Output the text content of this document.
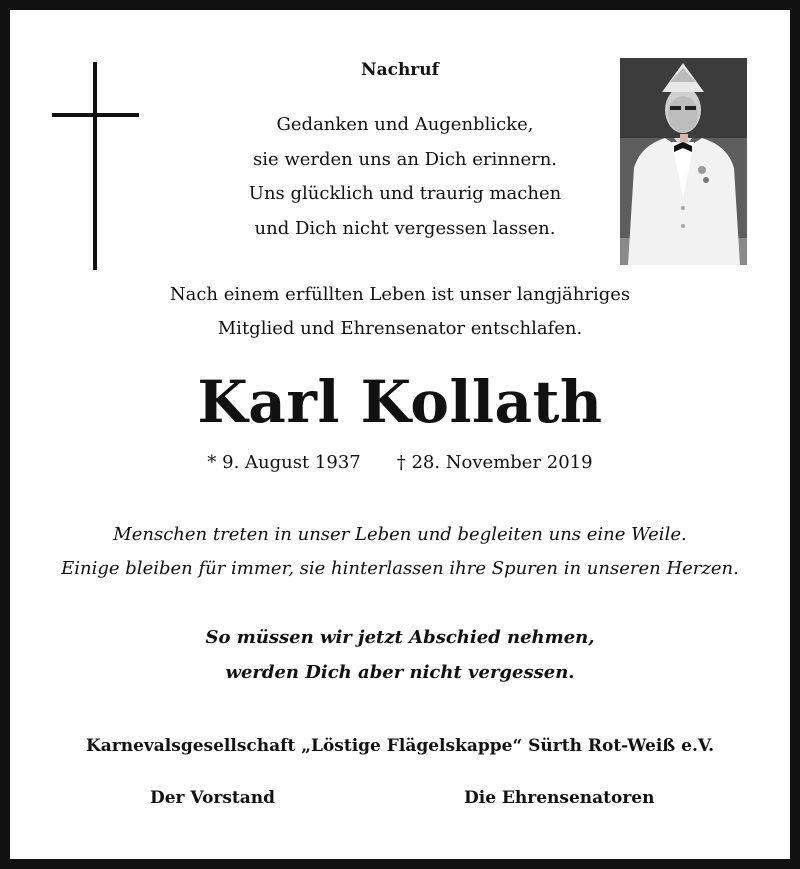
Nachruf

Gedanken und Augenblicke,
sie werden uns an Dich erinnern.
Uns glücklich und traurig machen
und Dich nicht vergessen lassen.
Nach einem erfüllten Leben ist unser langjähriges
Mitglied und Ehrensenator entschlafen.

Karl Kollath

* 9. August 1937 † 28. November 2019

Menschen treten in unser Leben und begleiten uns eine Weile.
Einige bleiben für immer, sie hinterlassen ihre Spuren in unseren Herzen.
So müssen wir jetzt Abschied nehmen,
werden Dich aber nicht vergessen.

Karnevalsgesellschaft „Löstige Flägelskappe“ Sürth Rot-Weiß e.V.

Der Vorstand	Die Ehrensenatoren
